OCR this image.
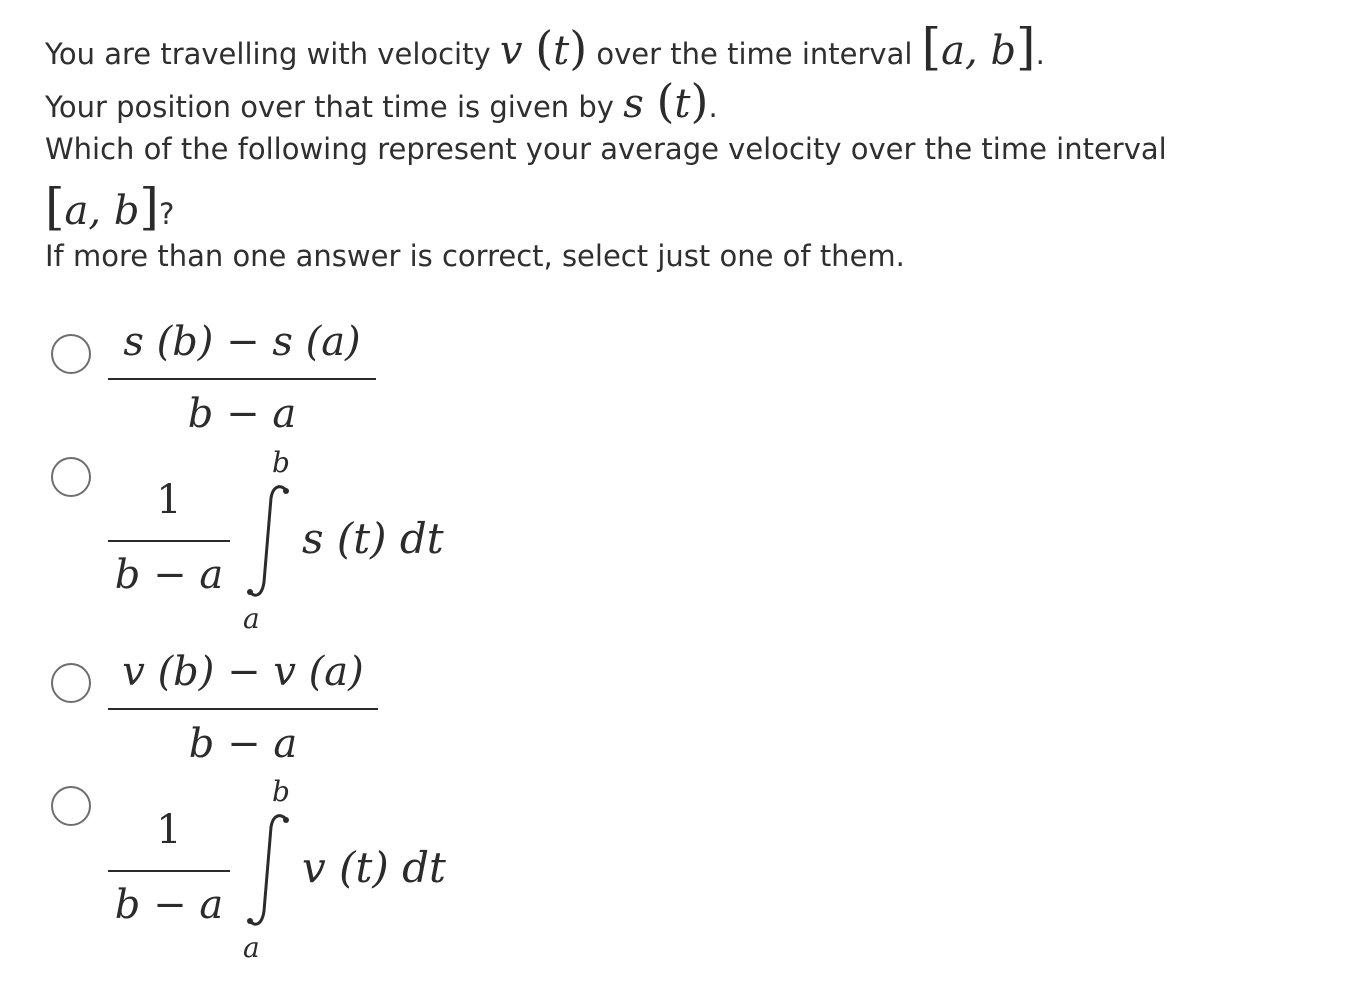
You are travelling with velocity v (t) over the time interval [a, b].
Your position over that time is given by s (t).
Which of the following represent your average velocity over the time interval
[a, b]?
If more than one answer is correct, select just one of them.
s (b) − s (a)
b − a
1
b − a
b
a
s (t) dt
v (b) − v (a)
b − a
1
b − a
b
a
v (t) dt
